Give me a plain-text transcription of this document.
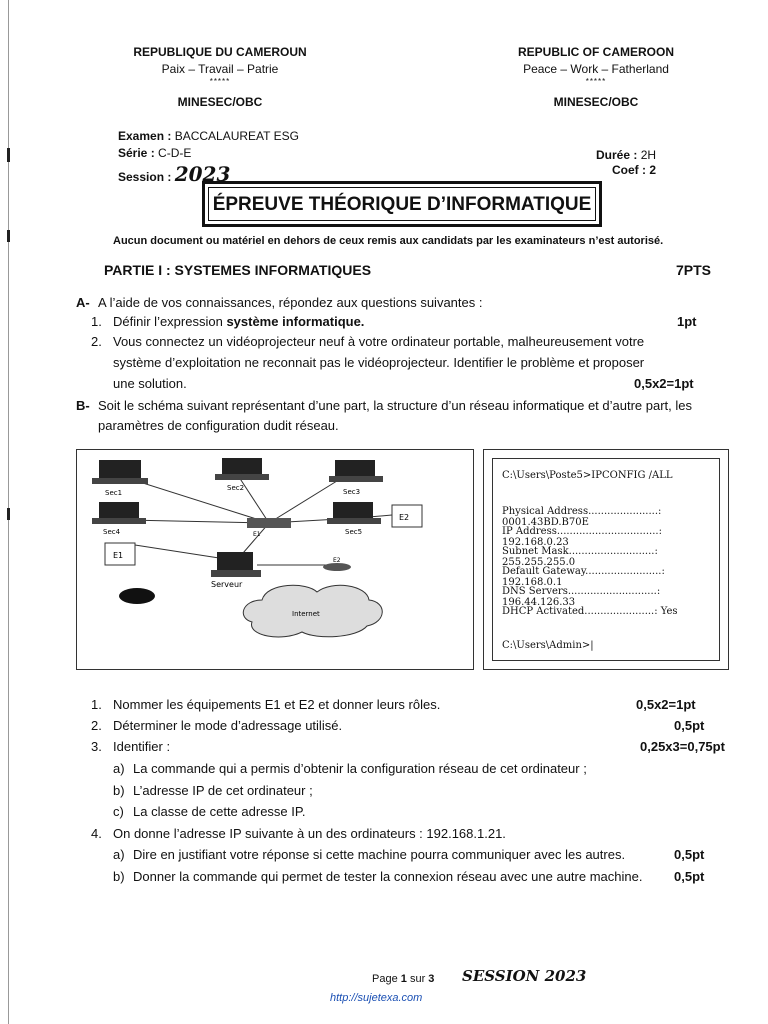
REPUBLIQUE DU CAMEROUN
Paix – Travail – Patrie
*****
MINESEC/OBC
REPUBLIC OF CAMEROON
Peace – Work – Fatherland
*****
MINESEC/OBC
Examen : BACCALAUREAT ESG
Série : C-D-E
Session : 2023
Durée : 2H
Coef : 2
ÉPREUVE THÉORIQUE D’INFORMATIQUE
Aucun document ou matériel en dehors de ceux remis aux candidats par les examinateurs n’est autorisé.
PARTIE I : SYSTEMES INFORMATIQUES	7PTS
A- A l’aide de vos connaissances, répondez aux questions suivantes :
1. Définir l’expression système informatique.	1pt
2. Vous connectez un vidéoprojecteur neuf à votre ordinateur portable, malheureusement votre
système d’exploitation ne reconnait pas le vidéoprojecteur. Identifier le problème et proposer
une solution.	0,5x2=1pt
B- Soit le schéma suivant représentant d’une part, la structure d’un réseau informatique et d’autre part, les
paramètres de configuration dudit réseau.
Sec1
Sec2	Sec3
Sec4	Sec5
E1
Serveur
E2
E1
E2
Internet
C:\Users\Poste5>IPCONFIG /ALL
Physical Address......................: 0001.43BD.B70E
IP Address................................: 192.168.0.23
Subnet Mask...........................: 255.255.255.0
Default Gateway........................: 192.168.0.1
DNS Servers............................: 196.44.126.33
DHCP Activated......................: Yes
C:\Users\Admin>|
1. Nommer les équipements E1 et E2 et donner leurs rôles.	0,5x2=1pt
2. Déterminer le mode d’adressage utilisé.	0,5pt
3. Identifier :	0,25x3=0,75pt
a) La commande qui a permis d’obtenir la configuration réseau de cet ordinateur ;
b) L’adresse IP de cet ordinateur ;
c) La classe de cette adresse IP.
4. On donne l’adresse IP suivante à un des ordinateurs : 192.168.1.21.
a) Dire en justifiant votre réponse si cette machine pourra communiquer avec les autres.	0,5pt
b) Donner la commande qui permet de tester la connexion réseau avec une autre machine. 0,5pt
Page 1 sur 3 SESSION 2023
http://sujetexa.com
